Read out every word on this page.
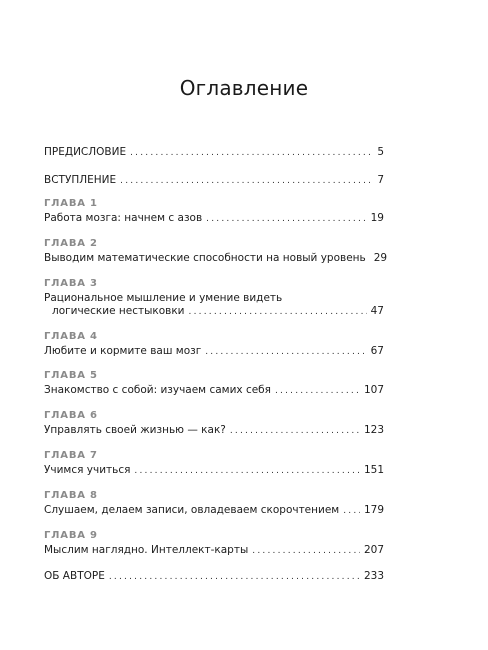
Оглавление
ПРЕДИСЛОВИЕ .....	5
ВСТУПЛЕНИЕ .....	7
ГЛАВА 1
Работа мозга: начнем с азов .....	19
ГЛАВА 2
Выводим математические способности на новый уровень 29
ГЛАВА 3
Рациональное мышление и умение видеть
логические нестыковки .....	47
ГЛАВА 4
Любите и кормите ваш мозг .....	67
ГЛАВА 5
Знакомство с собой: изучаем самих себя .....	107
ГЛАВА 6
Управлять своей жизнью — как? .....	123
ГЛАВА 7
Учимся учиться .....	151
ГЛАВА 8
Слушаем, делаем записи, овладеваем скорочтением ..... 179
ГЛАВА 9
Мыслим наглядно. Интеллект-карты .....	207
ОБ АВТОРЕ .....	233
